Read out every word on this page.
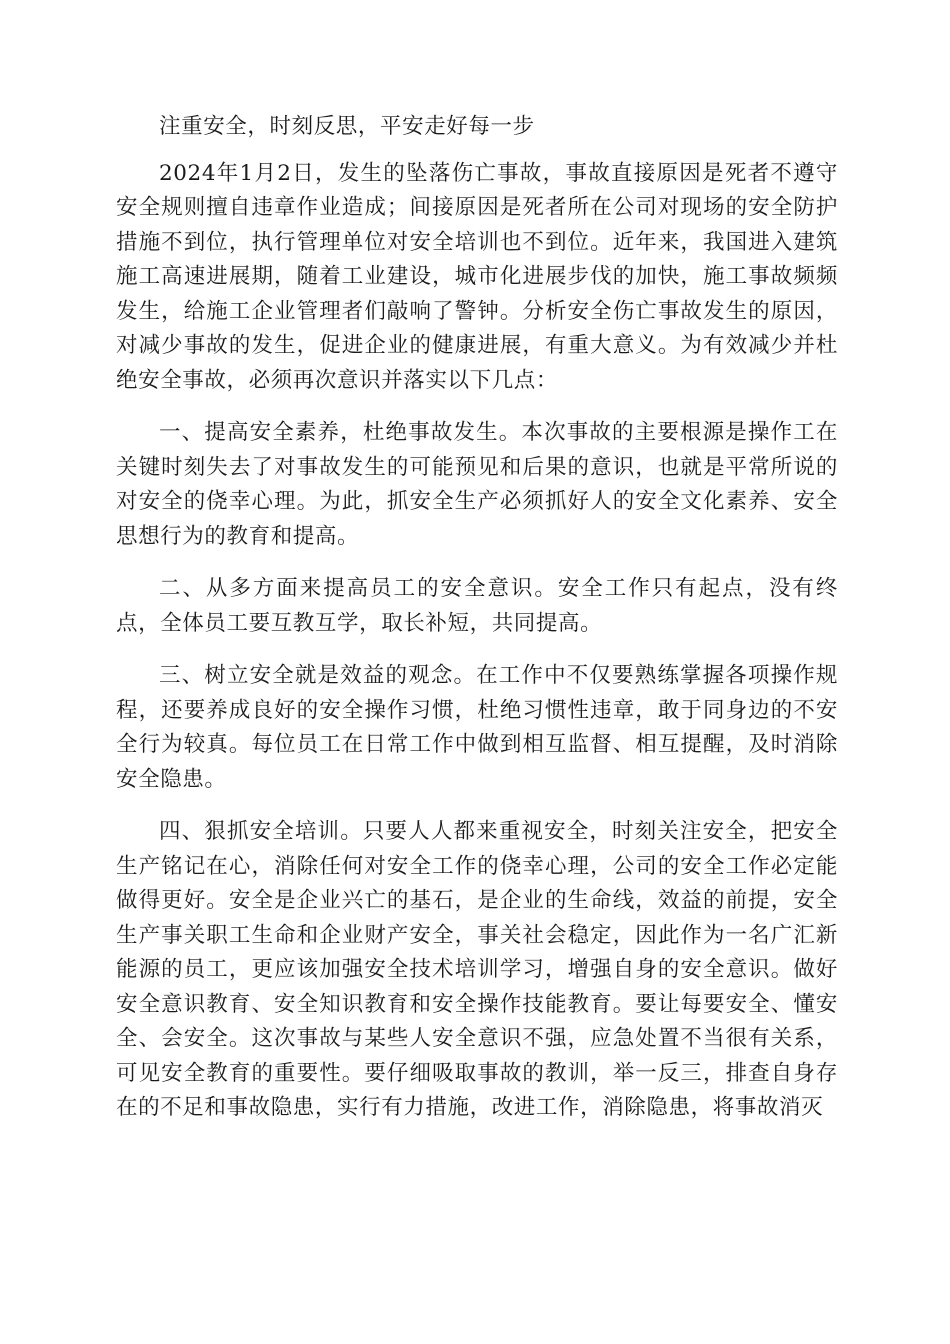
注重安全，时刻反思，平安走好每一步

2024年1月2日，发生的坠落伤亡事故，事故直接原因是死者不遵守安全规则擅自违章作业造成；间接原因是死者所在公司对现场的安全防护措施不到位，执行管理单位对安全培训也不到位。近年来，我国进入建筑施工高速进展期，随着工业建设，城市化进展步伐的加快，施工事故频频发生，给施工企业管理者们敲响了警钟。分析安全伤亡事故发生的原因，对减少事故的发生，促进企业的健康进展，有重大意义。为有效减少并杜绝安全事故，必须再次意识并落实以下几点：

一、提高安全素养，杜绝事故发生。本次事故的主要根源是操作工在关键时刻失去了对事故发生的可能预见和后果的意识，也就是平常所说的对安全的侥幸心理。为此，抓安全生产必须抓好人的安全文化素养、安全思想行为的教育和提高。

二、从多方面来提高员工的安全意识。安全工作只有起点，没有终点，全体员工要互教互学，取长补短，共同提高。

三、树立安全就是效益的观念。在工作中不仅要熟练掌握各项操作规程，还要养成良好的安全操作习惯，杜绝习惯性违章，敢于同身边的不安全行为较真。每位员工在日常工作中做到相互监督、相互提醒，及时消除安全隐患。

四、狠抓安全培训。只要人人都来重视安全，时刻关注安全，把安全生产铭记在心，消除任何对安全工作的侥幸心理，公司的安全工作必定能做得更好。安全是企业兴亡的基石，是企业的生命线，效益的前提，安全生产事关职工生命和企业财产安全，事关社会稳定，因此作为一名广汇新能源的员工，更应该加强安全技术培训学习，增强自身的安全意识。做好安全意识教育、安全知识教育和安全操作技能教育。要让每要安全、懂安全、会安全。这次事故与某些人安全意识不强，应急处置不当很有关系，可见安全教育的重要性。要仔细吸取事故的教训，举一反三，排查自身存在的不足和事故隐患，实行有力措施，改进工作，消除隐患，将事故消灭
